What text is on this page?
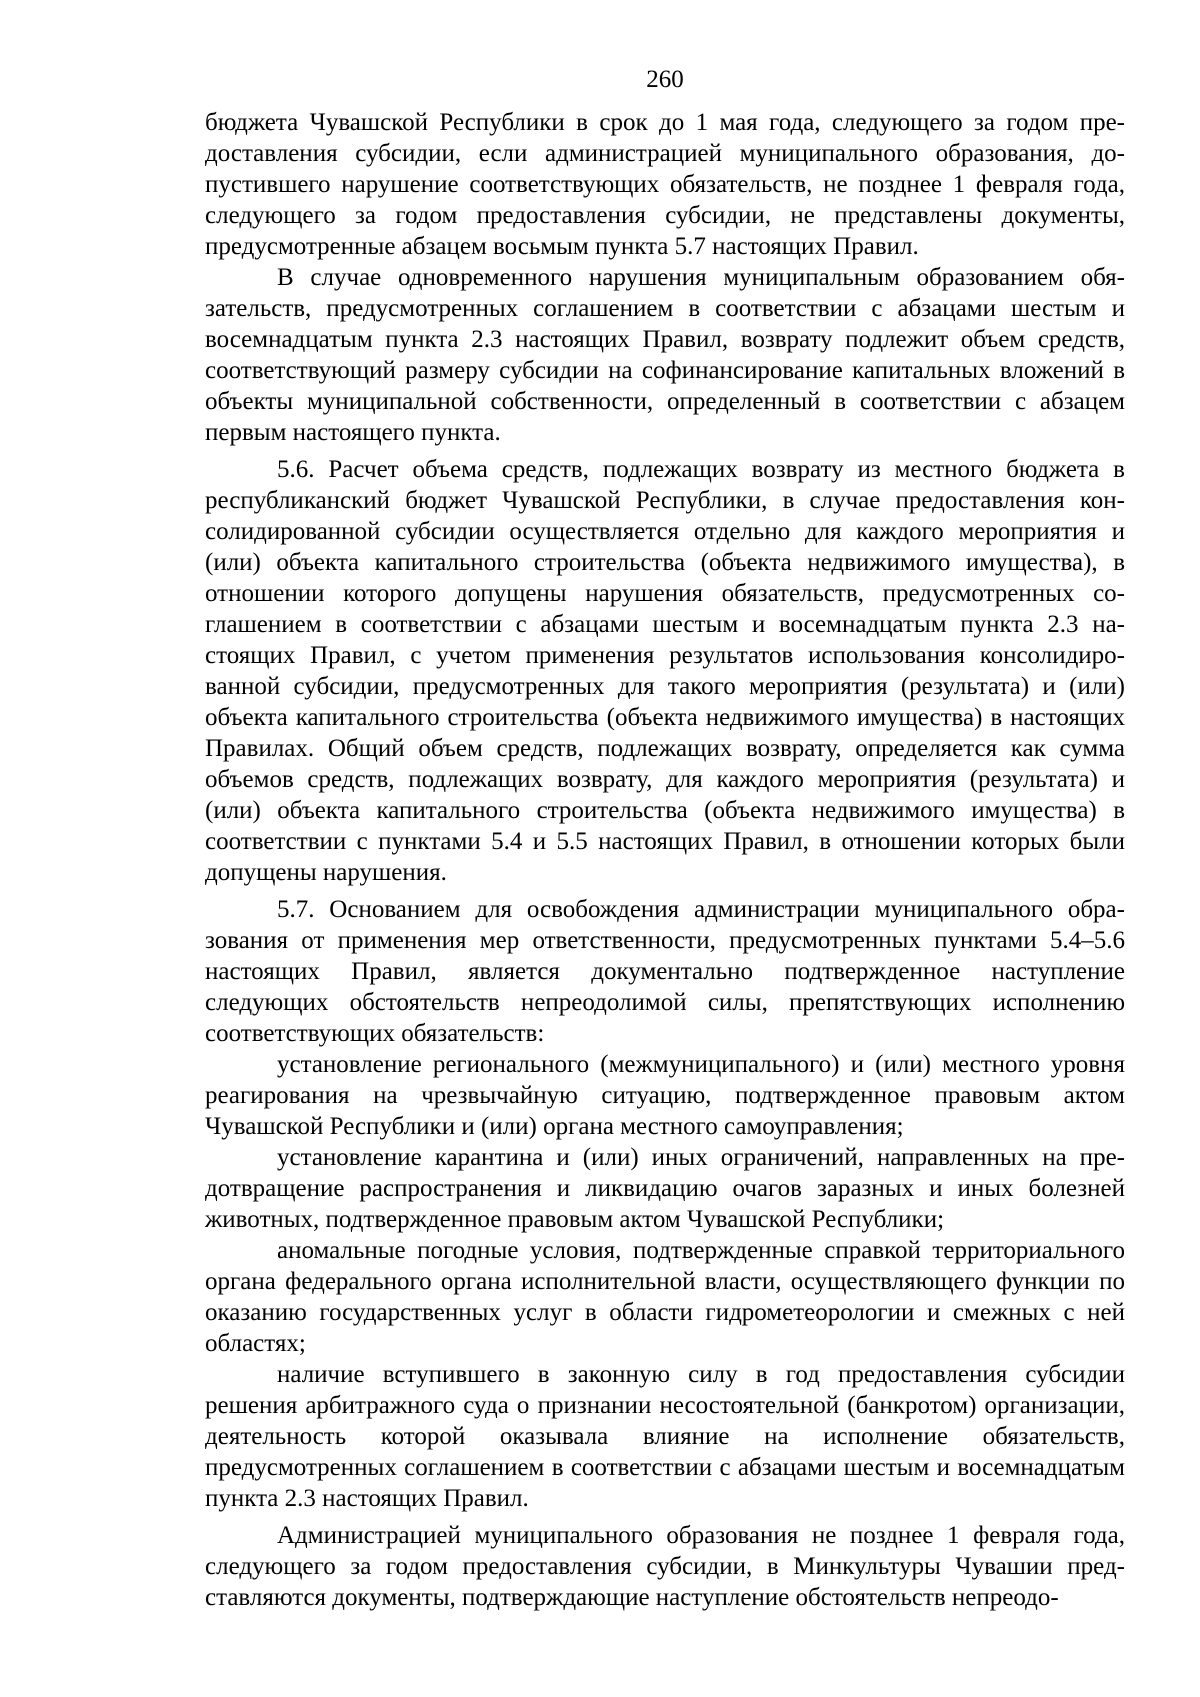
260

бюджета Чувашской Республики в срок до 1 мая года, следующего за годом предоставления субсидии, если администрацией муниципального образования, допустившего нарушение соответствующих обязательств, не позднее 1 февраля года, следующего за годом предоставления субсидии, не представлены документы, предусмотренные абзацем восьмым пункта 5.7 настоящих Правил.

В случае одновременного нарушения муниципальным образованием обязательств, предусмотренных соглашением в соответствии с абзацами шестым и восемнадцатым пункта 2.3 настоящих Правил, возврату подлежит объем средств, соответствующий размеру субсидии на софинансирование капитальных вложений в объекты муниципальной собственности, определенный в соответствии с абзацем первым настоящего пункта.

5.6. Расчет объема средств, подлежащих возврату из местного бюджета в республиканский бюджет Чувашской Республики, в случае предоставления консолидированной субсидии осуществляется отдельно для каждого мероприятия и (или) объекта капитального строительства (объекта недвижимого имущества), в отношении которого допущены нарушения обязательств, предусмотренных соглашением в соответствии с абзацами шестым и восемнадцатым пункта 2.3 настоящих Правил, с учетом применения результатов использования консолидированной субсидии, предусмотренных для такого мероприятия (результата) и (или) объекта капитального строительства (объекта недвижимого имущества) в настоящих Правилах. Общий объем средств, подлежащих возврату, определяется как сумма объемов средств, подлежащих возврату, для каждого мероприятия (результата) и (или) объекта капитального строительства (объекта недвижимого имущества) в соответствии с пунктами 5.4 и 5.5 настоящих Правил, в отношении которых были допущены нарушения.

5.7. Основанием для освобождения администрации муниципального образования от применения мер ответственности, предусмотренных пунктами 5.4–5.6 настоящих Правил, является документально подтвержденное наступление следующих обстоятельств непреодолимой силы, препятствующих исполнению соответствующих обязательств:

установление регионального (межмуниципального) и (или) местного уровня реагирования на чрезвычайную ситуацию, подтвержденное правовым актом Чувашской Республики и (или) органа местного самоуправления;

установление карантина и (или) иных ограничений, направленных на предотвращение распространения и ликвидацию очагов заразных и иных болезней животных, подтвержденное правовым актом Чувашской Республики;

аномальные погодные условия, подтвержденные справкой территориального органа федерального органа исполнительной власти, осуществляющего функции по оказанию государственных услуг в области гидрометеорологии и смежных с ней областях;

наличие вступившего в законную силу в год предоставления субсидии решения арбитражного суда о признании несостоятельной (банкротом) организации, деятельность которой оказывала влияние на исполнение обязательств, предусмотренных соглашением в соответствии с абзацами шестым и восемнадцатым пункта 2.3 настоящих Правил.

Администрацией муниципального образования не позднее 1 февраля года, следующего за годом предоставления субсидии, в Минкультуры Чувашии представляются документы, подтверждающие наступление обстоятельств непреодо-
